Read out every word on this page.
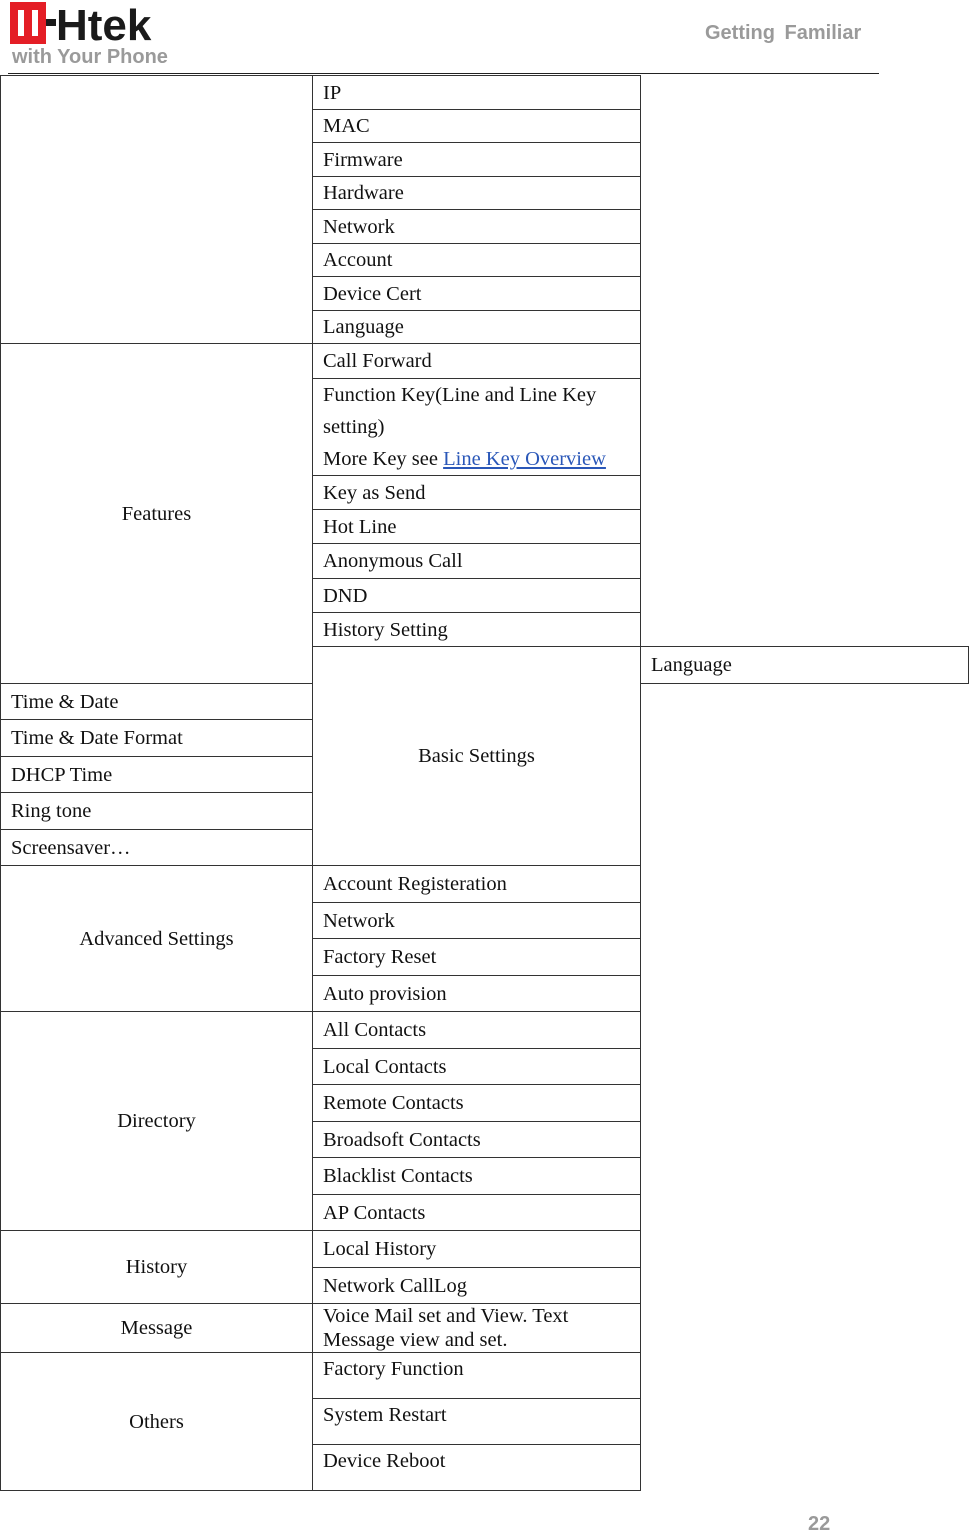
Htek
with Your Phone
Getting Familiar
	IP	
	MAC	
	Firmware	
	Hardware	
	Network	
	Account	
	Device Cert	
	Language	
Features	Call Forward	
	Function Key(Line and Line Key setting)
More Key see Line Key Overview	
	Key as Send	
	Hot Line	
	Anonymous Call	
	DND	
	History Setting	
	Basic Settings	Language
Time & Date		
Time & Date Format		
DHCP Time		
Ring tone		
Screensaver…		
Advanced Settings	Account Registeration	
	Network	
	Factory Reset	
	Auto provision	
Directory	All Contacts	
	Local Contacts	
	Remote Contacts	
	Broadsoft Contacts	
	Blacklist Contacts	
	AP Contacts	
History	Local History	
	Network CallLog	
Message	Voice Mail set and View. Text Message view and set.	
Others	Factory Function	
	System Restart	
	Device Reboot	
22
